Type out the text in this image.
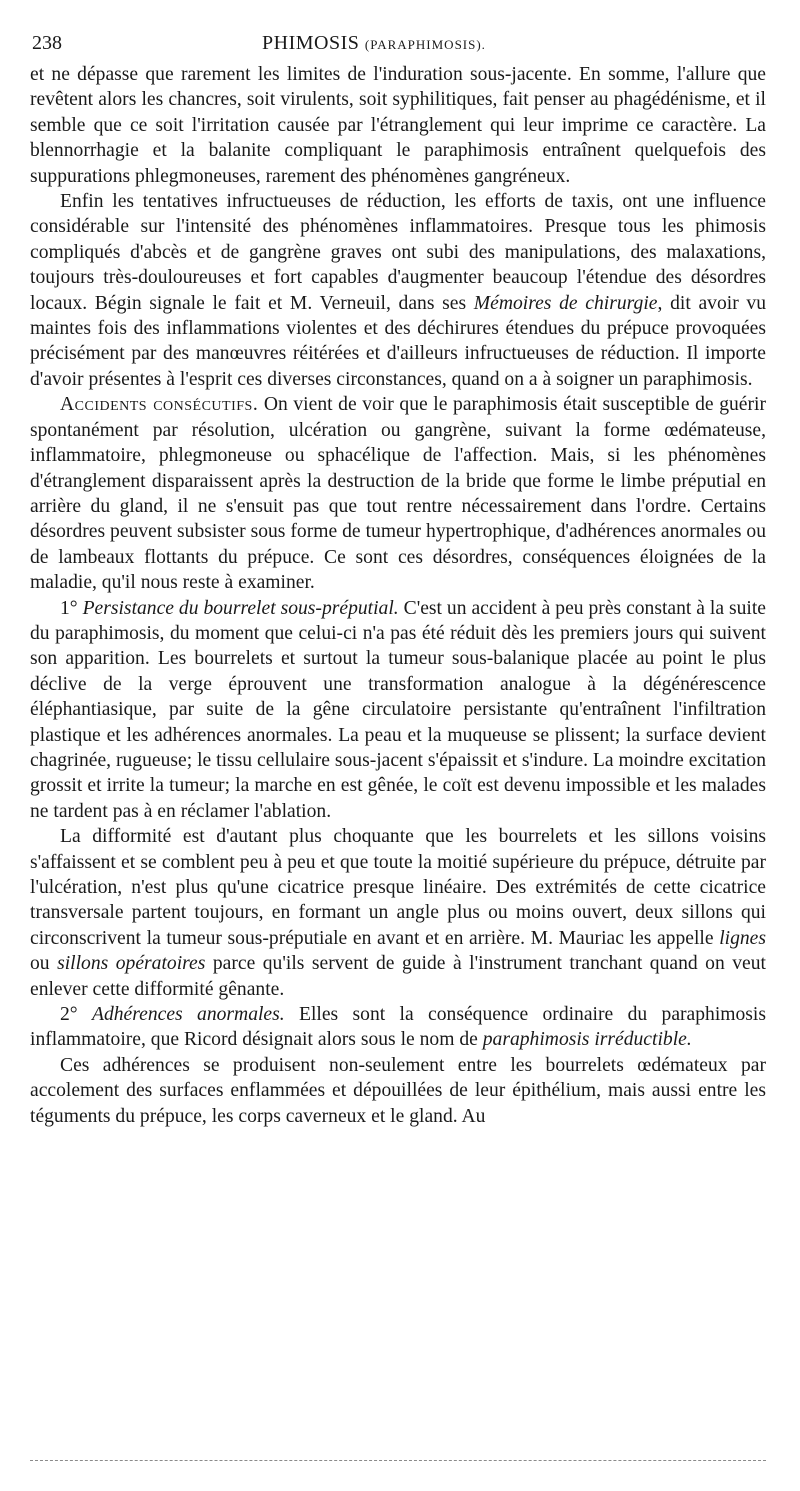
238	PHIMOSIS (PARAPHIMOSIS).

et ne dépasse que rarement les limites de l'induration sous-jacente. En somme, l'allure que revêtent alors les chancres, soit virulents, soit syphilitiques, fait penser au phagédénisme, et il semble que ce soit l'irritation causée par l'étranglement qui leur imprime ce caractère. La blennorrhagie et la balanite compliquant le paraphimosis entraînent quelquefois des suppurations phlegmoneuses, rarement des phénomènes gangréneux.

Enfin les tentatives infructueuses de réduction, les efforts de taxis, ont une influence considérable sur l'intensité des phénomènes inflammatoires. Presque tous les phimosis compliqués d'abcès et de gangrène graves ont subi des manipulations, des malaxations, toujours très-douloureuses et fort capables d'augmenter beaucoup l'étendue des désordres locaux. Bégin signale le fait et M. Verneuil, dans ses Mémoires de chirurgie, dit avoir vu maintes fois des inflammations violentes et des déchirures étendues du prépuce provoquées précisément par des manœuvres réitérées et d'ailleurs infructueuses de réduction. Il importe d'avoir présentes à l'esprit ces diverses circonstances, quand on a à soigner un paraphimosis.

Accidents consécutifs. On vient de voir que le paraphimosis était susceptible de guérir spontanément par résolution, ulcération ou gangrène, suivant la forme œdémateuse, inflammatoire, phlegmoneuse ou sphacélique de l'affection. Mais, si les phénomènes d'étranglement disparaissent après la destruction de la bride que forme le limbe préputial en arrière du gland, il ne s'ensuit pas que tout rentre nécessairement dans l'ordre. Certains désordres peuvent subsister sous forme de tumeur hypertrophique, d'adhérences anormales ou de lambeaux flottants du prépuce. Ce sont ces désordres, conséquences éloignées de la maladie, qu'il nous reste à examiner.

1° Persistance du bourrelet sous-préputial. C'est un accident à peu près constant à la suite du paraphimosis, du moment que celui-ci n'a pas été réduit dès les premiers jours qui suivent son apparition. Les bourrelets et surtout la tumeur sous-balanique placée au point le plus déclive de la verge éprouvent une transformation analogue à la dégénérescence éléphantiasique, par suite de la gêne circulatoire persistante qu'entraînent l'infiltration plastique et les adhérences anormales. La peau et la muqueuse se plissent; la surface devient chagrinée, rugueuse; le tissu cellulaire sous-jacent s'épaissit et s'indure. La moindre excitation grossit et irrite la tumeur; la marche en est gênée, le coït est devenu impossible et les malades ne tardent pas à en réclamer l'ablation.

La difformité est d'autant plus choquante que les bourrelets et les sillons voisins s'affaissent et se comblent peu à peu et que toute la moitié supérieure du prépuce, détruite par l'ulcération, n'est plus qu'une cicatrice presque linéaire. Des extrémités de cette cicatrice transversale partent toujours, en formant un angle plus ou moins ouvert, deux sillons qui circonscrivent la tumeur sous-préputiale en avant et en arrière. M. Mauriac les appelle lignes ou sillons opératoires parce qu'ils servent de guide à l'instrument tranchant quand on veut enlever cette difformité gênante.

2° Adhérences anormales. Elles sont la conséquence ordinaire du paraphimosis inflammatoire, que Ricord désignait alors sous le nom de paraphimosis irréductible.

Ces adhérences se produisent non-seulement entre les bourrelets œdémateux par accolement des surfaces enflammées et dépouillées de leur épithélium, mais aussi entre les téguments du prépuce, les corps caverneux et le gland. Au
